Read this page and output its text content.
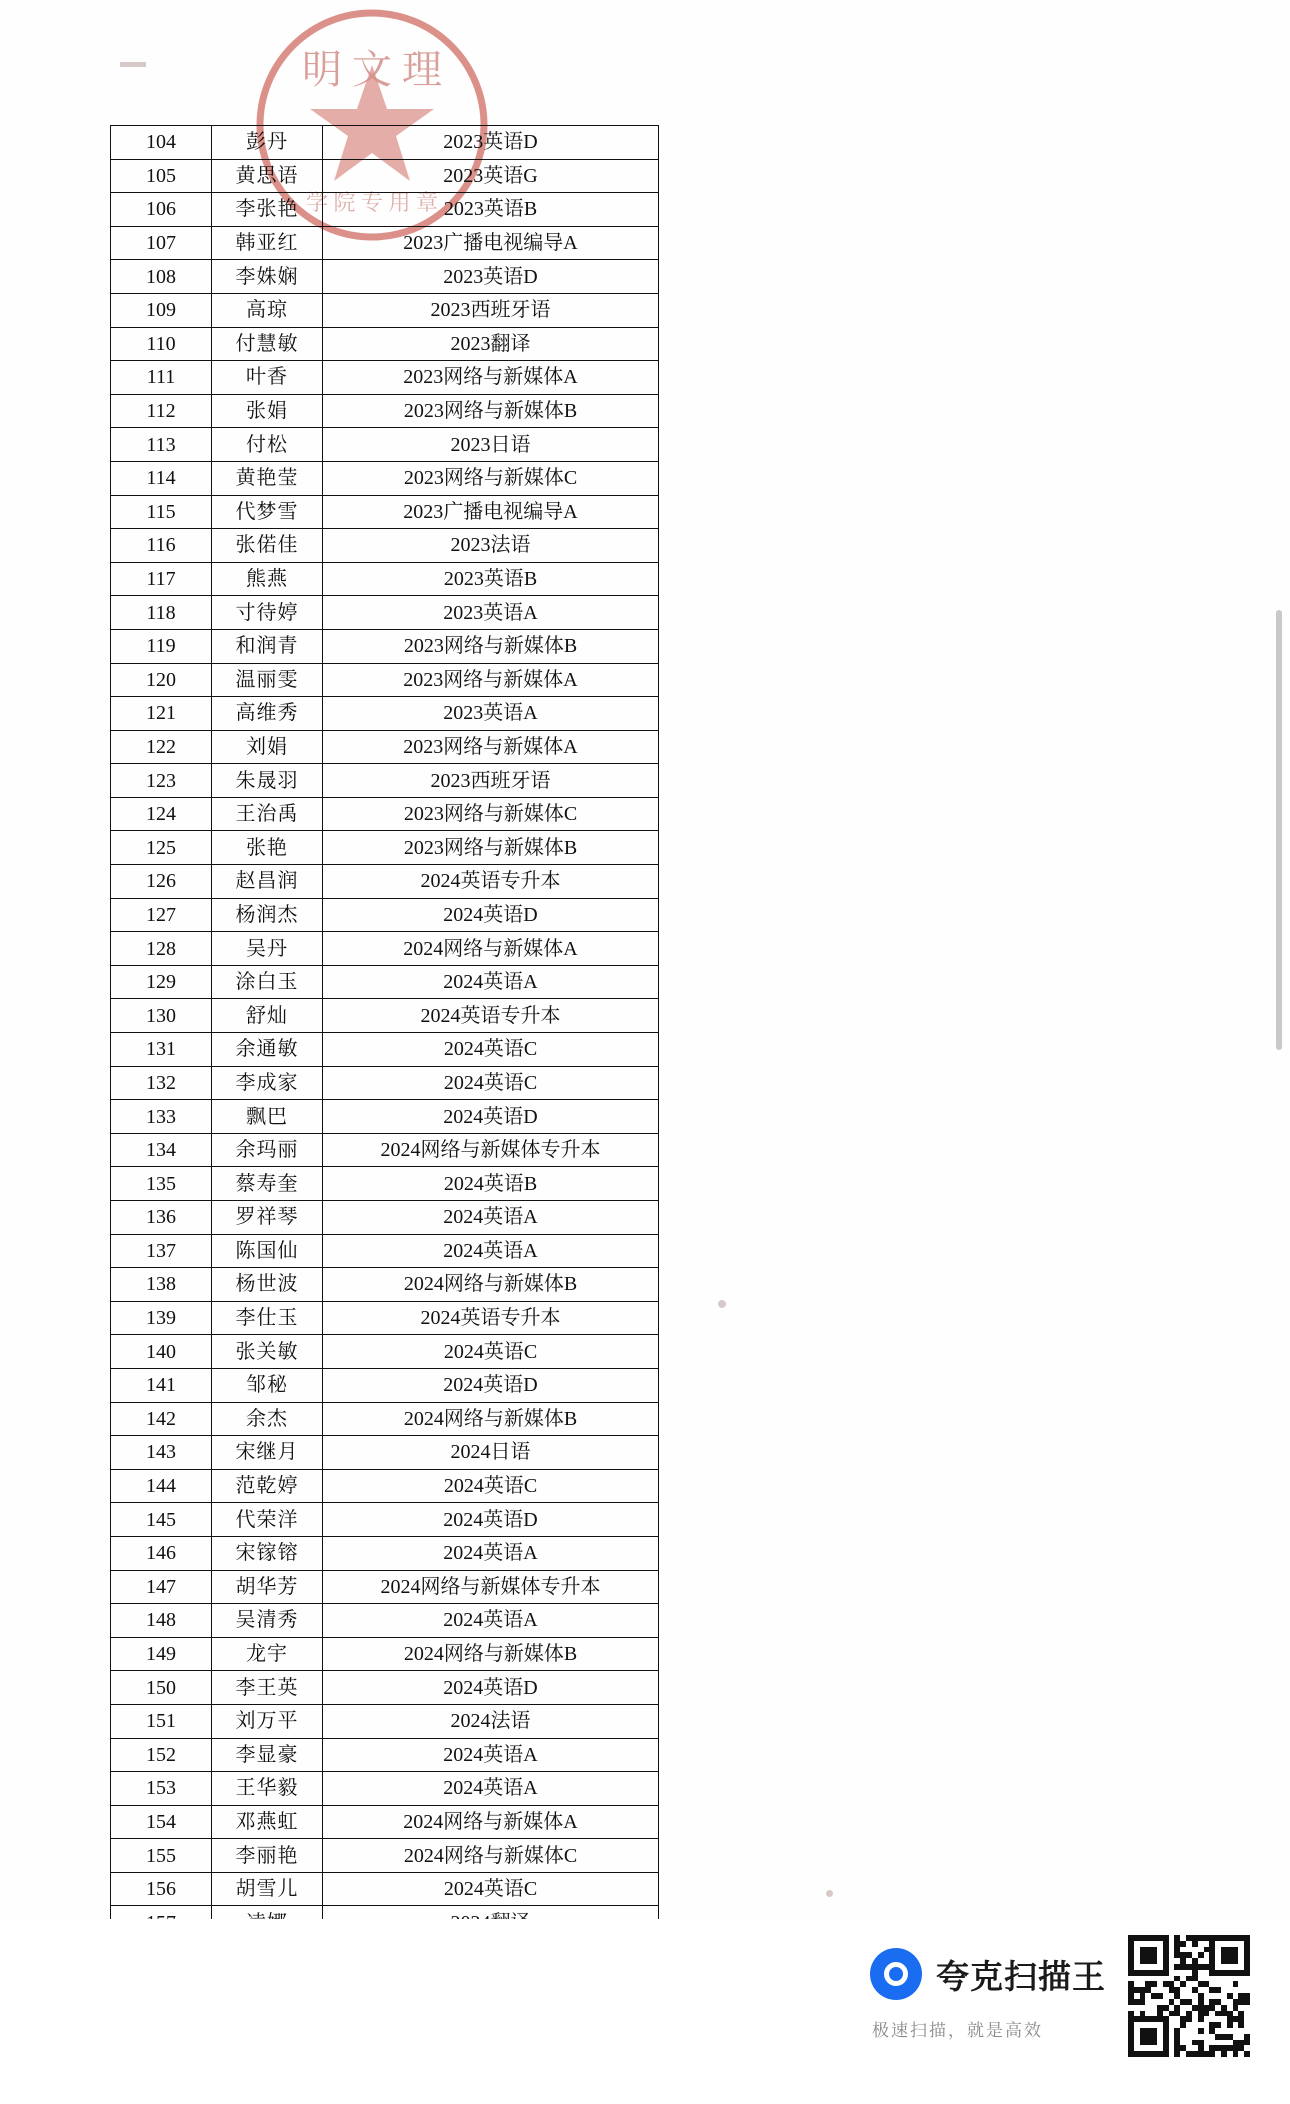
明 文 理
学 院 专 用 章
104	彭丹	2023英语D
105	黄思语	2023英语G
106	李张艳	2023英语B
107	韩亚红	2023广播电视编导A
108	李姝娴	2023英语D
109	高琼	2023西班牙语
110	付慧敏	2023翻译
111	叶香	2023网络与新媒体A
112	张娟	2023网络与新媒体B
113	付松	2023日语
114	黄艳莹	2023网络与新媒体C
115	代梦雪	2023广播电视编导A
116	张偌佳	2023法语
117	熊燕	2023英语B
118	寸待婷	2023英语A
119	和润青	2023网络与新媒体B
120	温丽雯	2023网络与新媒体A
121	高维秀	2023英语A
122	刘娟	2023网络与新媒体A
123	朱晟羽	2023西班牙语
124	王治禹	2023网络与新媒体C
125	张艳	2023网络与新媒体B
126	赵昌润	2024英语专升本
127	杨润杰	2024英语D
128	吴丹	2024网络与新媒体A
129	涂白玉	2024英语A
130	舒灿	2024英语专升本
131	余通敏	2024英语C
132	李成家	2024英语C
133	飘巴	2024英语D
134	余玛丽	2024网络与新媒体专升本
135	蔡寿奎	2024英语B
136	罗祥琴	2024英语A
137	陈国仙	2024英语A
138	杨世波	2024网络与新媒体B
139	李仕玉	2024英语专升本
140	张关敏	2024英语C
141	邹秘	2024英语D
142	余杰	2024网络与新媒体B
143	宋继月	2024日语
144	范乾婷	2024英语C
145	代荣洋	2024英语D
146	宋镓镕	2024英语A
147	胡华芳	2024网络与新媒体专升本
148	吴清秀	2024英语A
149	龙宇	2024网络与新媒体B
150	李王英	2024英语D
151	刘万平	2024法语
152	李显豪	2024英语A
153	王华毅	2024英语A
154	邓燕虹	2024网络与新媒体A
155	李丽艳	2024网络与新媒体C
156	胡雪儿	2024英语C

夸克扫描王
极速扫描，就是高效
